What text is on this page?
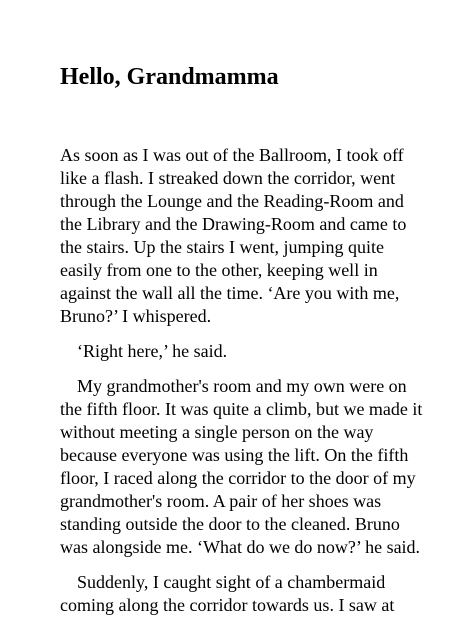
Hello, Grandmamma
As soon as I was out of the Ballroom, I took off
like a flash. I streaked down the corridor, went
through the Lounge and the Reading-Room and
the Library and the Drawing-Room and came to
the stairs. Up the stairs I went, jumping quite
easily from one to the other, keeping well in
against the wall all the time. ‘Are you with me,
Bruno?’ I whispered.
‘Right here,’ he said.
My grandmother's room and my own were on
the fifth floor. It was quite a climb, but we made it
without meeting a single person on the way
because everyone was using the lift. On the fifth
floor, I raced along the corridor to the door of my
grandmother's room. A pair of her shoes was
standing outside the door to the cleaned. Bruno
was alongside me. ‘What do we do now?’ he said.
Suddenly, I caught sight of a chambermaid
coming along the corridor towards us. I saw at
